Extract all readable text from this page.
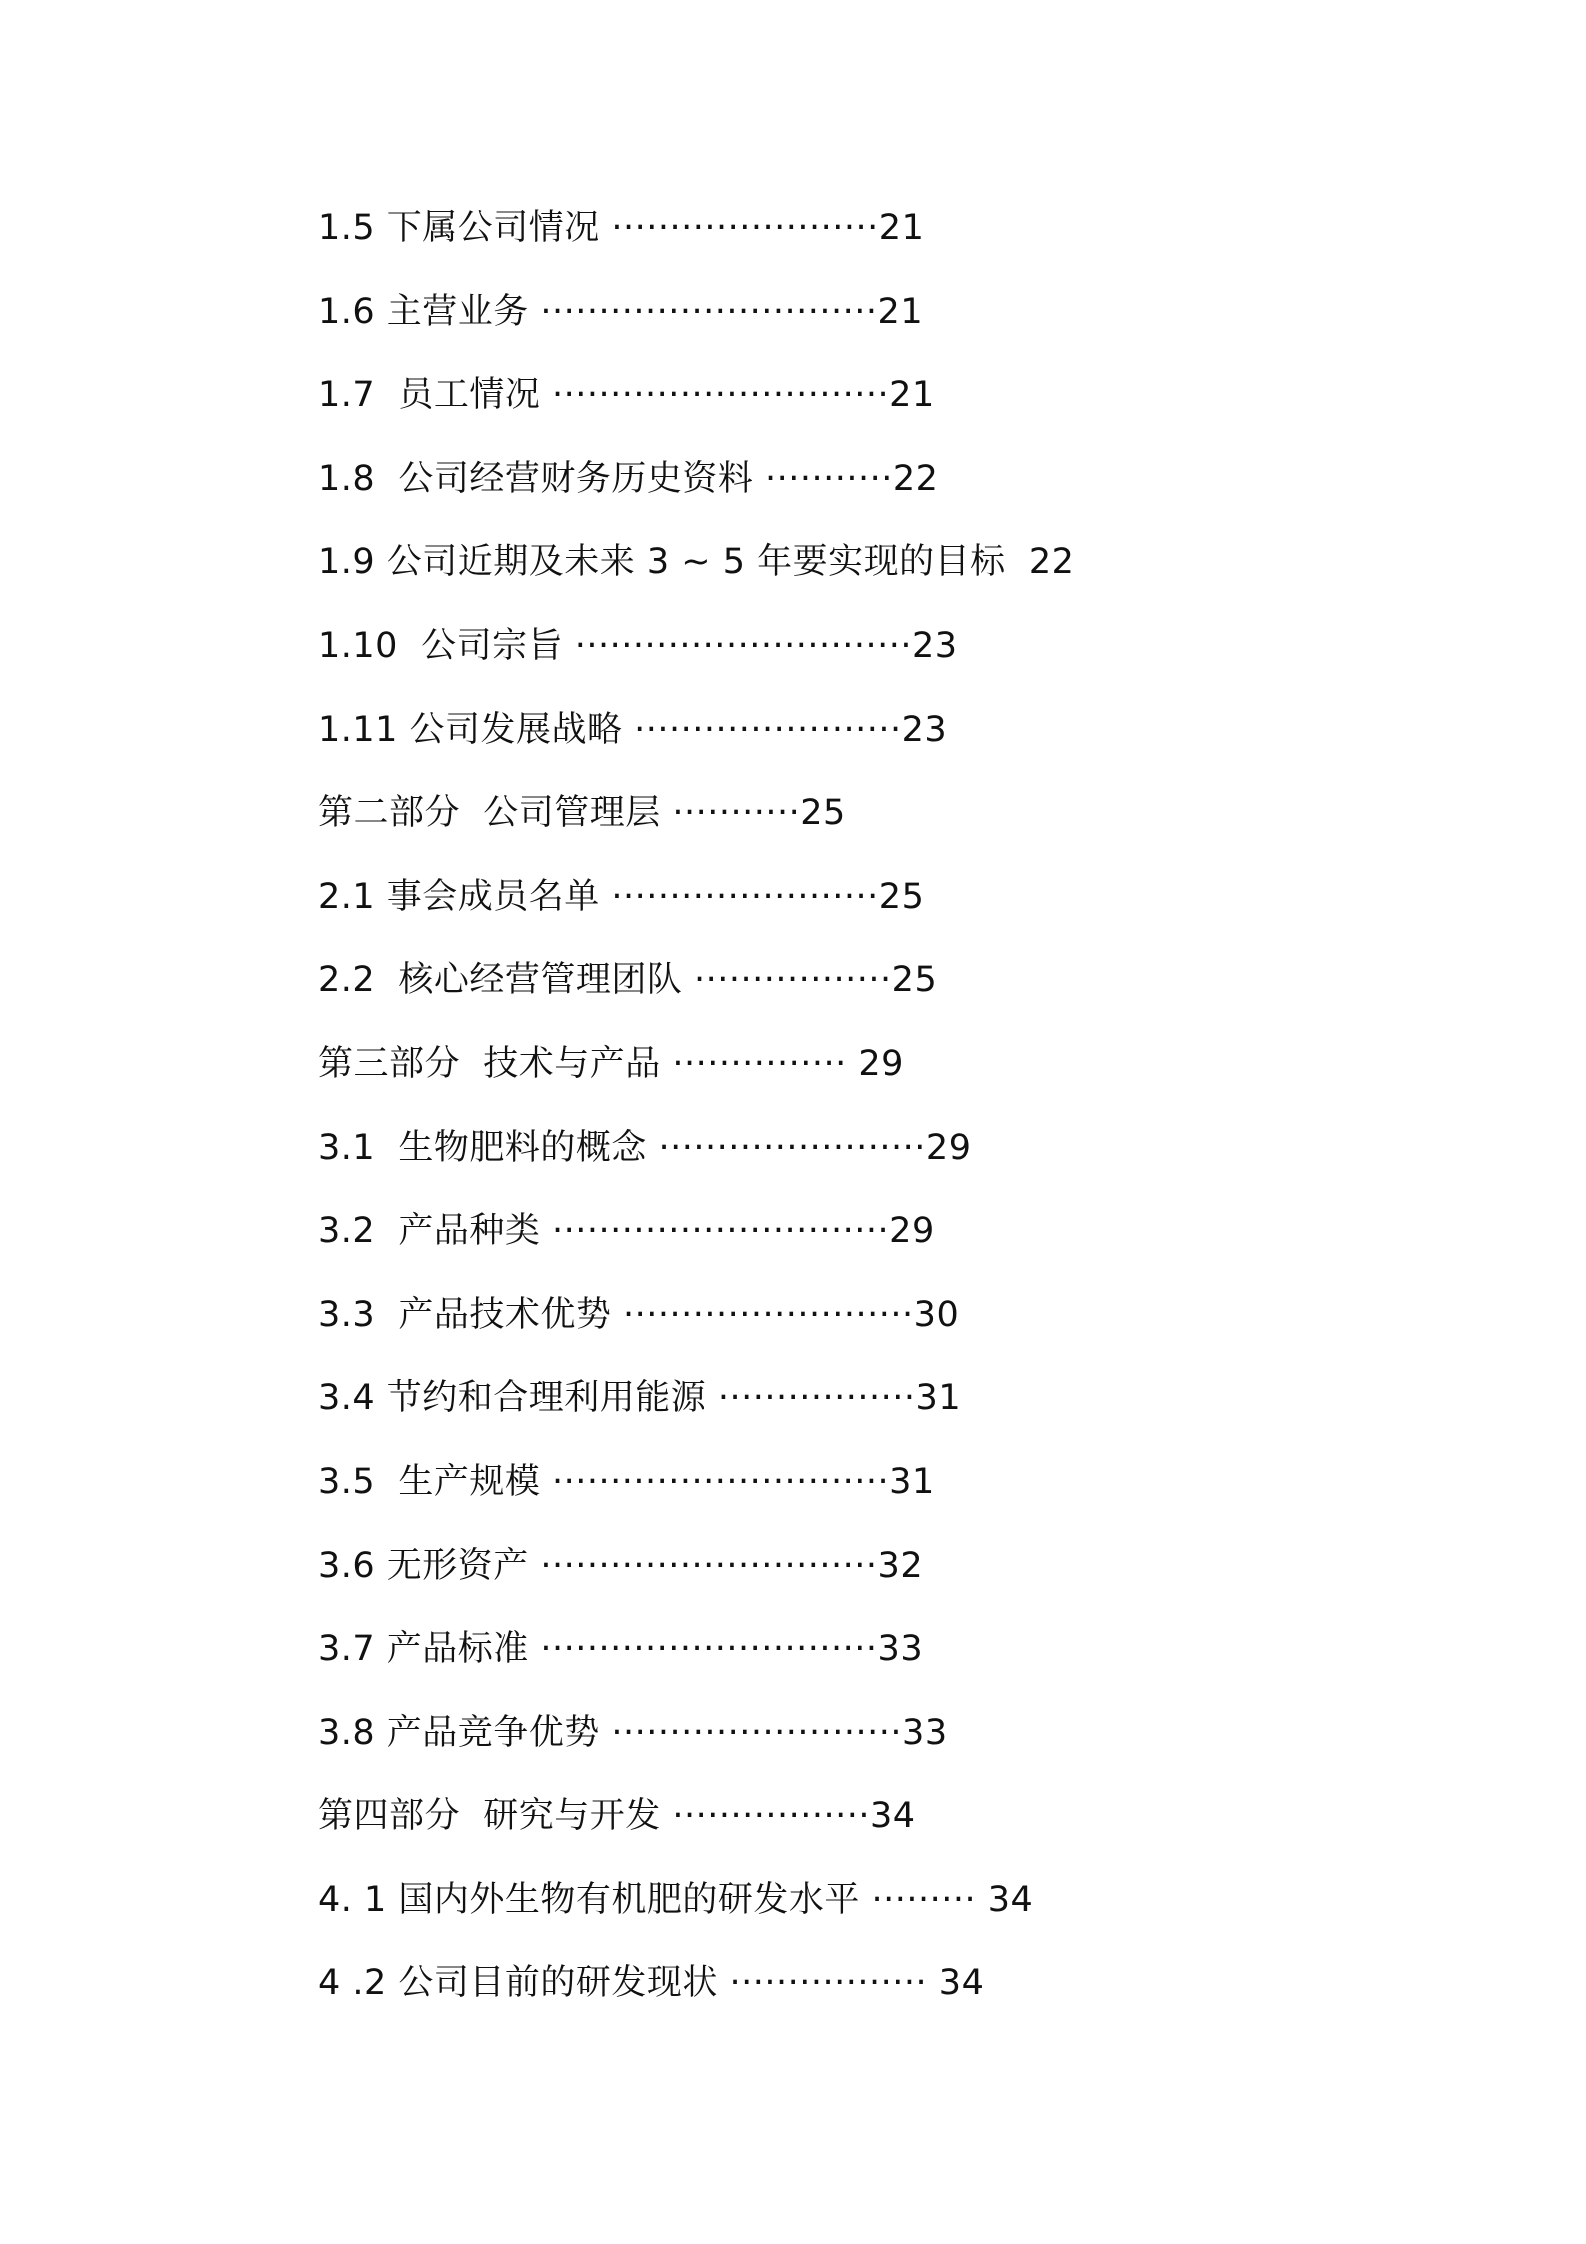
1.5 下属公司情况 ·······················21
1.6 主营业务 ·····························21
1.7  员工情况 ·····························21
1.8  公司经营财务历史资料 ···········22
1.9 公司近期及未来 3 ~ 5 年要实现的目标  22
1.10  公司宗旨 ·····························23
1.11 公司发展战略 ·······················23
第二部分  公司管理层 ···········25
2.1 事会成员名单 ·······················25
2.2  核心经营管理团队 ·················25
第三部分  技术与产品 ··············· 29
3.1  生物肥料的概念 ·······················29
3.2  产品种类 ·····························29
3.3  产品技术优势 ·························30
3.4 节约和合理利用能源 ·················31
3.5  生产规模 ·····························31
3.6 无形资产 ·····························32
3.7 产品标准 ·····························33
3.8 产品竞争优势 ·························33
第四部分  研究与开发 ·················34
4. 1 国内外生物有机肥的研发水平 ········· 34
4 .2 公司目前的研发现状 ················· 34
